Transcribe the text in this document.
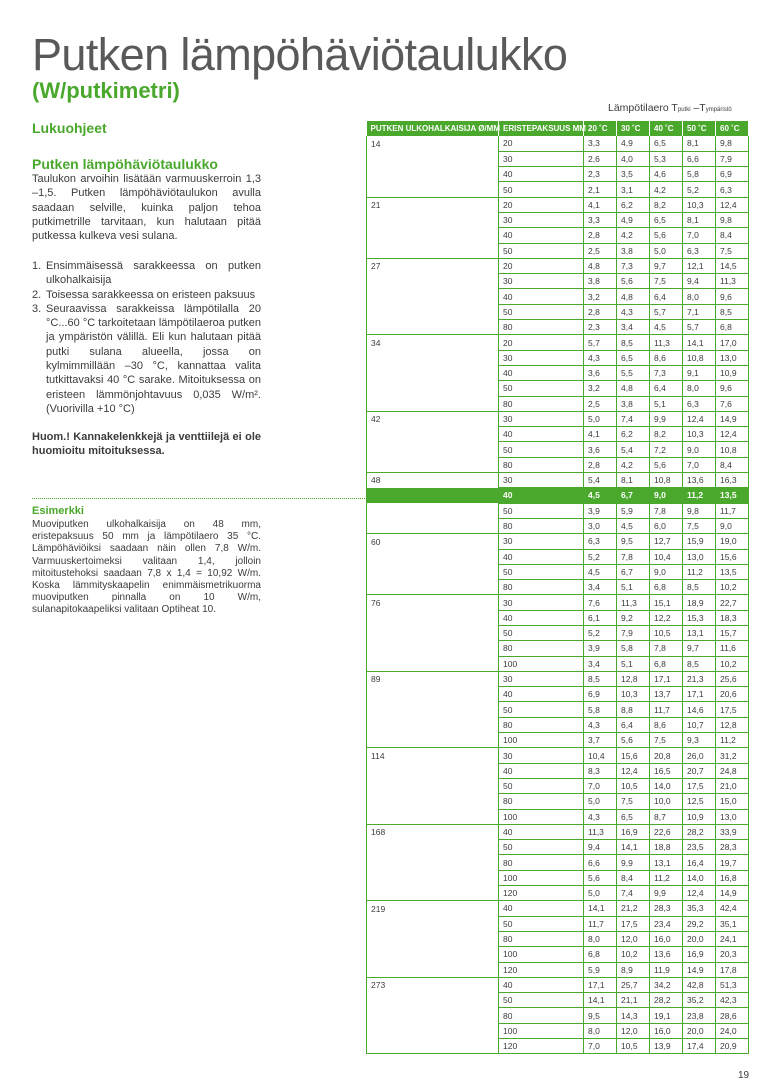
Putken lämpöhäviötaulukko
(W/putkimetri)
Lukuohjeet
Putken lämpöhäviötaulukko

Taulukon arvoihin lisätään varmuuskerroin 1,3 –1,5. Putken lämpöhäviötaulukon avulla saadaan selville, kuinka paljon tehoa putkimetrille tarvitaan, kun halutaan pitää putkessa kulkeva vesi sulana.

1. Ensimmäisessä sarakkeessa on putken ulkohalkaisija
2. Toisessa sarakkeessa on eristeen paksuus
3. Seuraavissa sarakkeissa lämpötilalla 20 °C...60 °C tarkoitetaan lämpötilaeroa putken ja ympäristön välillä. Eli kun halutaan pitää putki sulana alueella, jossa on kylmimmillään –30 °C, kannattaa valita tutkittavaksi 40 °C sarake. Mitoituksessa on eristeen lämmönjohtavuus 0,035 W/m². (Vuorivilla +10 °C)

Huom.! Kannakelenkkejä ja venttiilejä ei ole huomioitu mitoituksessa.

Esimerkki

Muoviputken ulkohalkaisija on 48 mm, eristepaksuus 50 mm ja lämpötilaero 35 °C. Lämpöhäviöiksi saadaan näin ollen 7,8 W/m. Varmuuskertoimeksi valitaan 1,4, jolloin mitoitustehoksi saadaan 7,8 x 1,4 = 10,92 W/m. Koska lämmityskaapelin enimmäismetrikuorma muoviputken pinnalla on 10 W/m, sulanapitokaapeliksi valitaan Optiheat 10.

Lämpötilaero Tputki –Tympäristö
PUTKEN ULKOHALKAISIJA Ø/MM	ERISTEPAKSUUS MM	20 ˚C	30 ˚C	40 ˚C	50 ˚C	60 ˚C
14	20	3,3	4,9	6,5	8,1	9,8
	30	2,6	4,0	5,3	6,6	7,9
	40	2,3	3,5	4,6	5,8	6,9
	50	2,1	3,1	4,2	5,2	6,3
21	20	4,1	6,2	8,2	10,3	12,4
	30	3,3	4,9	6,5	8,1	9,8
	40	2,8	4,2	5,6	7,0	8,4
	50	2,5	3,8	5,0	6,3	7,5
27	20	4,8	7,3	9,7	12,1	14,5
	30	3,8	5,6	7,5	9,4	11,3
	40	3,2	4,8	6,4	8,0	9,6
	50	2,8	4,3	5,7	7,1	8,5
	80	2,3	3,4	4,5	5,7	6,8
34	20	5,7	8,5	11,3	14,1	17,0
	30	4,3	6,5	8,6	10,8	13,0
	40	3,6	5,5	7,3	9,1	10,9
	50	3,2	4,8	6,4	8,0	9,6
	80	2,5	3,8	5,1	6,3	7,6
42	30	5,0	7,4	9,9	12,4	14,9
	40	4,1	6,2	8,2	10,3	12,4
	50	3,6	5,4	7,2	9,0	10,8
	80	2,8	4,2	5,6	7,0	8,4
48	30	5,4	8,1	10,8	13,6	16,3
	40	4,5	6,7	9,0	11,2	13,5
	50	3,9	5,9	7,8	9,8	11,7
	80	3,0	4,5	6,0	7,5	9,0
60	30	6,3	9,5	12,7	15,9	19,0
	40	5,2	7,8	10,4	13,0	15,6
	50	4,5	6,7	9,0	11,2	13,5
	80	3,4	5,1	6,8	8,5	10,2
76	30	7,6	11,3	15,1	18,9	22,7
	40	6,1	9,2	12,2	15,3	18,3
	50	5,2	7,9	10,5	13,1	15,7
	80	3,9	5,8	7,8	9,7	11,6
	100	3,4	5,1	6,8	8,5	10,2
89	30	8,5	12,8	17,1	21,3	25,6
	40	6,9	10,3	13,7	17,1	20,6
	50	5,8	8,8	11,7	14,6	17,5
	80	4,3	6,4	8,6	10,7	12,8
	100	3,7	5,6	7,5	9,3	11,2
114	30	10,4	15,6	20,8	26,0	31,2
	40	8,3	12,4	16,5	20,7	24,8
	50	7,0	10,5	14,0	17,5	21,0
	80	5,0	7,5	10,0	12,5	15,0
	100	4,3	6,5	8,7	10,9	13,0
168	40	11,3	16,9	22,6	28,2	33,9
	50	9,4	14,1	18,8	23,5	28,3
	80	6,6	9,9	13,1	16,4	19,7
	100	5,6	8,4	11,2	14,0	16,8
	120	5,0	7,4	9,9	12,4	14,9
219	40	14,1	21,2	28,3	35,3	42,4
	50	11,7	17,5	23,4	29,2	35,1
	80	8,0	12,0	16,0	20,0	24,1
	100	6,8	10,2	13,6	16,9	20,3
	120	5,9	8,9	11,9	14,9	17,8
273	40	17,1	25,7	34,2	42,8	51,3
	50	14,1	21,1	28,2	35,2	42,3
	80	9,5	14,3	19,1	23,8	28,6
	100	8,0	12,0	16,0	20,0	24,0
	120	7,0	10,5	13,9	17,4	20,9
19
